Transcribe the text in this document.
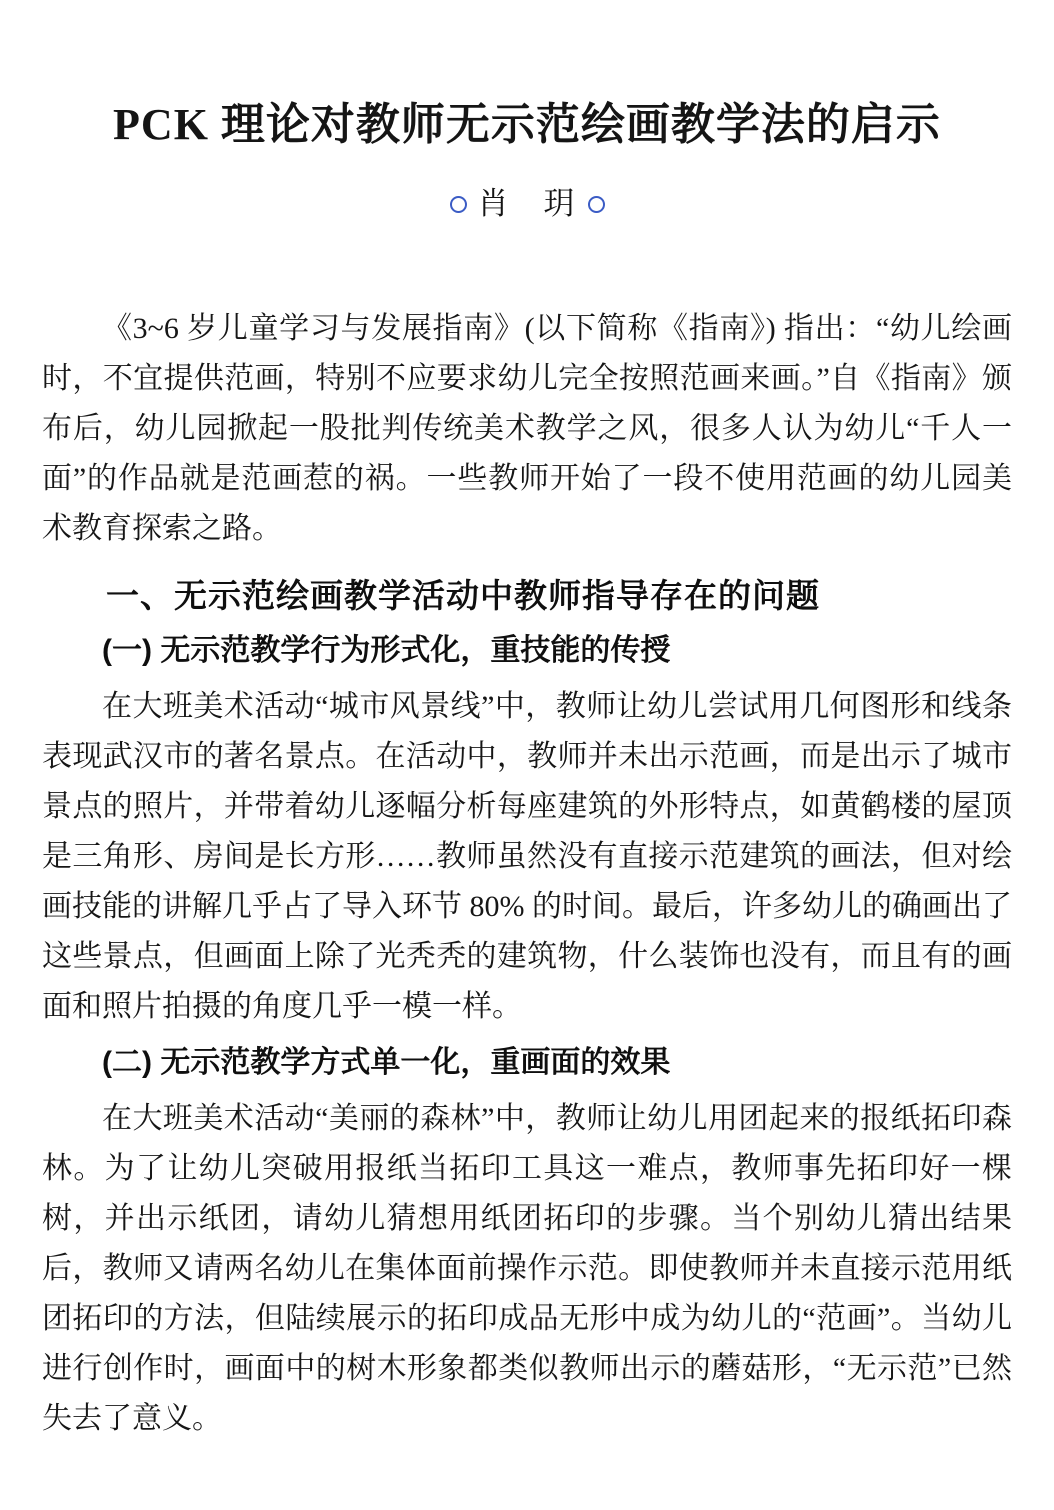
PCK 理论对教师无示范绘画教学法的启示
肖　玥

《3~6 岁儿童学习与发展指南》(以下简称《指南》) 指出：“幼儿绘画时，不宜提供范画，特别不应要求幼儿完全按照范画来画。”自《指南》颁布后，幼儿园掀起一股批判传统美术教学之风，很多人认为幼儿“千人一面”的作品就是范画惹的祸。一些教师开始了一段不使用范画的幼儿园美术教育探索之路。

一、无示范绘画教学活动中教师指导存在的问题
(一) 无示范教学行为形式化，重技能的传授

在大班美术活动“城市风景线”中，教师让幼儿尝试用几何图形和线条表现武汉市的著名景点。在活动中，教师并未出示范画，而是出示了城市景点的照片，并带着幼儿逐幅分析每座建筑的外形特点，如黄鹤楼的屋顶是三角形、房间是长方形……教师虽然没有直接示范建筑的画法，但对绘画技能的讲解几乎占了导入环节 80% 的时间。最后，许多幼儿的确画出了这些景点，但画面上除了光秃秃的建筑物，什么装饰也没有，而且有的画面和照片拍摄的角度几乎一模一样。

(二) 无示范教学方式单一化，重画面的效果

在大班美术活动“美丽的森林”中，教师让幼儿用团起来的报纸拓印森林。为了让幼儿突破用报纸当拓印工具这一难点，教师事先拓印好一棵树，并出示纸团，请幼儿猜想用纸团拓印的步骤。当个别幼儿猜出结果后，教师又请两名幼儿在集体面前操作示范。即使教师并未直接示范用纸团拓印的方法，但陆续展示的拓印成品无形中成为幼儿的“范画”。当幼儿进行创作时，画面中的树木形象都类似教师出示的蘑菇形，“无示范”已然失去了意义。
